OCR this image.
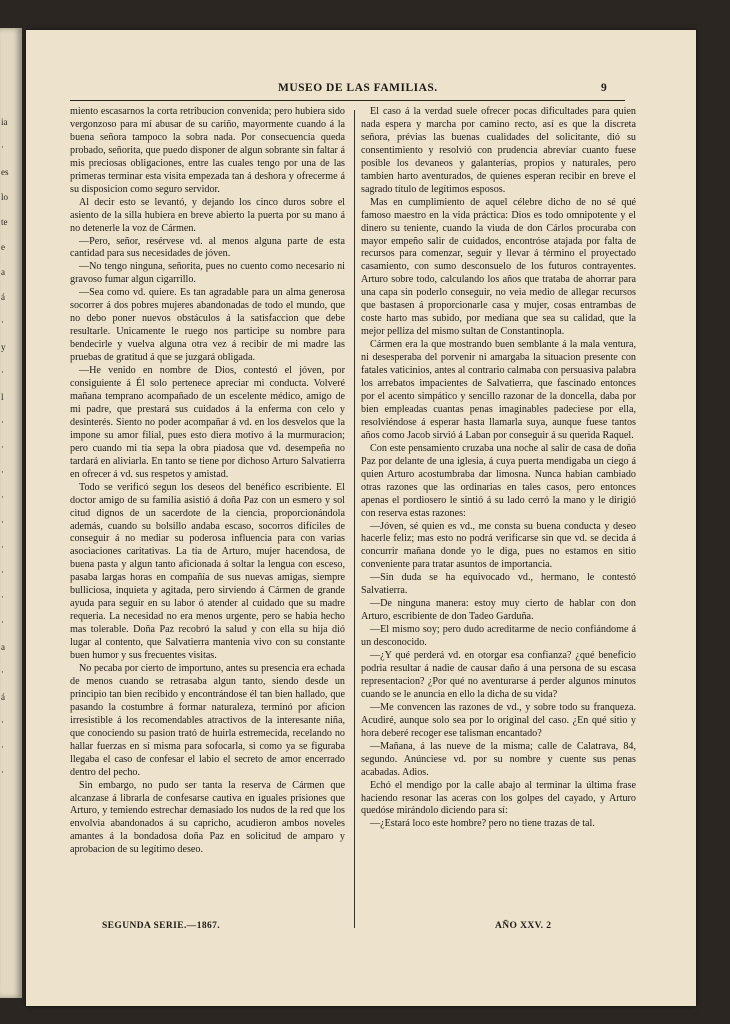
ia
·
es
lo
te
e
a
á
·
y
·
l
·
·
·
·
·
·
·
·
·
a
·
á
·
·
·
MUSEO DE LAS FAMILIAS.	9

miento escasarnos la corta retribucion convenida; pero hubiera sido vergonzoso para mí abusar de su cariño, mayormente cuando á la buena señora tampoco la sobra nada. Por consecuencia queda probado, señorita, que puedo disponer de algun sobrante sin faltar á mis preciosas obligaciones, entre las cuales tengo por una de las primeras terminar esta visita empezada tan á deshora y ofrecerme á su disposicion como seguro servidor.

Al decir esto se levantó, y dejando los cinco duros sobre el asiento de la silla hubiera en breve abierto la puerta por su mano á no detenerle la voz de Cármen.

—Pero, señor, resérvese vd. al menos alguna parte de esta cantidad para sus necesidades de jóven.

—No tengo ninguna, señorita, pues no cuento como necesario ni gravoso fumar algun cigarrillo.

—Sea como vd. quiere. Es tan agradable para un alma generosa socorrer á dos pobres mujeres abandonadas de todo el mundo, que no debo poner nuevos obstáculos á la satisfaccion que debe resultarle. Unicamente le ruego nos participe su nombre para bendecirle y vuelva alguna otra vez á recibir de mi madre las pruebas de gratitud á que se juzgará obligada.

—He venido en nombre de Dios, contestó el jóven, por consiguiente á Él solo pertenece apreciar mi conducta. Volveré mañana temprano acompañado de un escelente médico, amigo de mi padre, que prestará sus cuidados á la enferma con celo y desinterés. Siento no poder acompañar á vd. en los desvelos que la impone su amor filial, pues esto diera motivo á la murmuracion; pero cuando mi tia sepa la obra piadosa que vd. desempeña no tardará en aliviarla. En tanto se tiene por dichoso Arturo Salvatierra en ofrecer á vd. sus respetos y amistad.

Todo se verificó segun los deseos del benéfico escribiente. El doctor amigo de su familia asistió á doña Paz con un esmero y sol citud dignos de un sacerdote de la ciencia, proporcionándola además, cuando su bolsillo andaba escaso, socorros difíciles de conseguir á no mediar su poderosa influencia para con varias asociaciones caritativas. La tia de Arturo, mujer hacendosa, de buena pasta y algun tanto aficionada á soltar la lengua con esceso, pasaba largas horas en compañía de sus nuevas amigas, siempre bulliciosa, inquieta y agitada, pero sirviendo á Cármen de grande ayuda para seguir en su labor ó atender al cuidado que su madre requeria. La necesidad no era menos urgente, pero se habia hecho mas tolerable. Doña Paz recobró la salud y con ella su hija dió lugar al contento, que Salvatierra mantenia vivo con su constante buen humor y sus frecuentes visitas.

No pecaba por cierto de importuno, antes su presencia era echada de menos cuando se retrasaba algun tanto, siendo desde un principio tan bien recibido y encontrándose él tan bien hallado, que pasando la costumbre á formar naturaleza, terminó por aficion irresistible á los recomendables atractivos de la interesante niña, que conociendo su pasion trató de huirla estremecida, recelando no hallar fuerzas en sí misma para sofocarla, si como ya se figuraba llegaba el caso de confesar el labio el secreto de amor encerrado dentro del pecho.

Sin embargo, no pudo ser tanta la reserva de Cármen que alcanzase á librarla de confesarse cautiva en iguales prisiones que Arturo, y temiendo estrechar demasiado los nudos de la red que los envolvia abandonados á su capricho, acudieron ambos noveles amantes á la bondadosa doña Paz en solicitud de amparo y aprobacion de su legítimo deseo.

El caso á la verdad suele ofrecer pocas dificultades para quien nada espera y marcha por camino recto, así es que la discreta señora, prévias las buenas cualidades del solicitante, dió su consentimiento y resolvió con prudencia abreviar cuanto fuese posible los devaneos y galanterías, propios y naturales, pero tambien harto aventurados, de quienes esperan recibir en breve el sagrado título de legítimos esposos.

Mas en cumplimiento de aquel célebre dicho de no sé qué famoso maestro en la vida práctica: Dios es todo omnipotente y el dinero su teniente, cuando la viuda de don Cárlos procuraba con mayor empeño salir de cuidados, encontróse atajada por falta de recursos para comenzar, seguir y llevar á término el proyectado casamiento, con sumo desconsuelo de los futuros contrayentes. Arturo sobre todo, calculando los años que trataba de ahorrar para una capa sin poderlo conseguir, no veia medio de allegar recursos que bastasen á proporcionarle casa y mujer, cosas entrambas de coste harto mas subido, por mediana que sea su calidad, que la mejor pelliza del mismo sultan de Constantinopla.

Cármen era la que mostrando buen semblante á la mala ventura, ni desesperaba del porvenir ni amargaba la situacion presente con fatales vaticinios, antes al contrario calmaba con persuasiva palabra los arrebatos impacientes de Salvatierra, que fascinado entonces por el acento simpático y sencillo razonar de la doncella, daba por bien empleadas cuantas penas imaginables padeciese por ella, resolviéndose á esperar hasta llamarla suya, aunque fuese tantos años como Jacob sirvió á Laban por conseguir á su querida Raquel.

Con este pensamiento cruzaba una noche al salir de casa de doña Paz por delante de una iglesia, á cuya puerta mendigaba un ciego á quien Arturo acostumbraba dar limosna. Nunca habian cambiado otras razones que las ordinarias en tales casos, pero entonces apenas el pordiosero le sintió á su lado cerró la mano y le dirigió con reserva estas razones:

—Jóven, sé quien es vd., me consta su buena conducta y deseo hacerle feliz; mas esto no podrá verificarse sin que vd. se decida á concurrir mañana donde yo le diga, pues no estamos en sitio conveniente para tratar asuntos de importancia.

—Sin duda se ha equivocado vd., hermano, le contestó Salvatierra.

—De ninguna manera: estoy muy cierto de hablar con don Arturo, escribiente de don Tadeo Garduña.

—El mismo soy; pero dudo acreditarme de necio confiándome á un desconocido.

—¿Y qué perderá vd. en otorgar esa confianza? ¿qué beneficio podria resultar á nadie de causar daño á una persona de su escasa representacion? ¿Por qué no aventurarse á perder algunos minutos cuando se le anuncia en ello la dicha de su vida?

—Me convencen las razones de vd., y sobre todo su franqueza. Acudiré, aunque solo sea por lo original del caso. ¿En qué sitio y hora deberé recoger ese talisman encantado?

—Mañana, á las nueve de la misma; calle de Calatrava, 84, segundo. Anúnciese vd. por su nombre y cuente sus penas acabadas. Adios.

Echó el mendigo por la calle abajo al terminar la última frase haciendo resonar las aceras con los golpes del cayado, y Arturo quedóse mirándolo diciendo para sí:

—¿Estará loco este hombre? pero no tiene trazas de tal.

SEGUNDA SERIE.—1867.	AÑO XXV. 2
